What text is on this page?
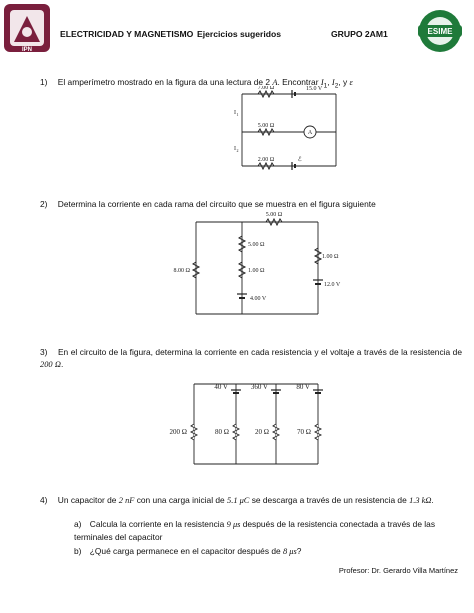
IPN
ELECTRICIDAD Y MAGNETISMO Ejercicios sugeridos	GRUPO 2AM1	ESIME
1) El amperímetro mostrado en la figura da una lectura de 2 A. Encontrar $I_1$, $I_2$, y ε
7.00 Ω	15.0 V
5.00 Ω
A
2.00 Ω	ℰ
I 1
I 2
2) Determina la corriente en cada rama del circuito que se muestra en el figura siguiente
5.00 Ω
8.00 Ω
5.00 Ω
1.00 Ω
4.00 V
1.00 Ω
12.0 V
3) En el circuito de la figura, determina la corriente en cada resistencia y el voltaje a través de la resistencia de 200 Ω.
40 V	360 V	80 V
200 Ω	80 Ω	20 Ω	70 Ω
4) Un capacitor de 2 nF con una carga inicial de 5.1 μC se descarga a través de un resistencia de 1.3 kΩ.
a) Calcula la corriente en la resistencia 9 μs después de la resistencia conectada a través de las terminales del capacitor
b) ¿Qué carga permanece en el capacitor después de 8 μs?
Profesor: Dr. Gerardo Villa Martínez
